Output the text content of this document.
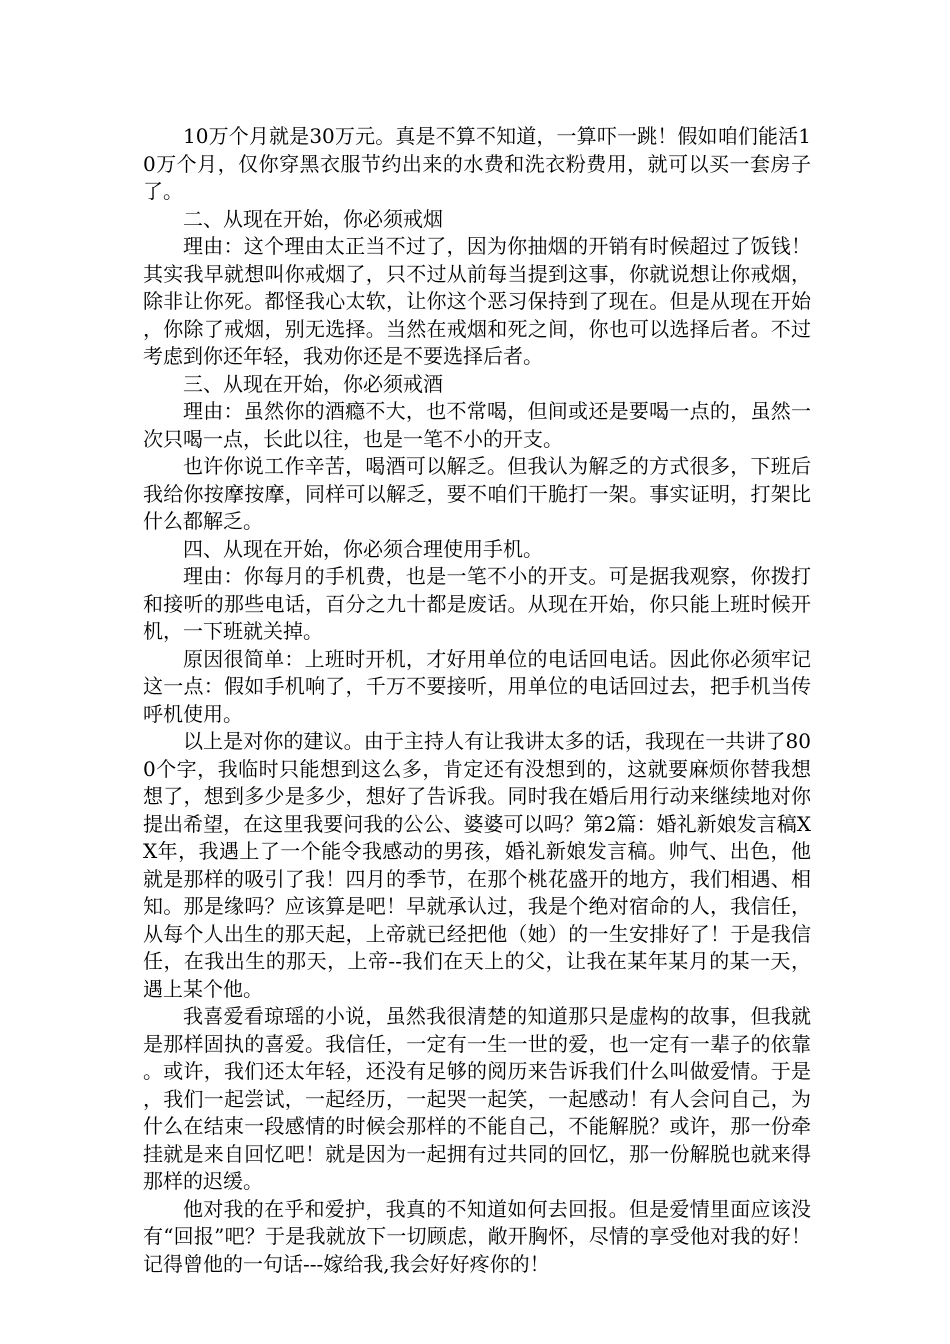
10万个月就是30万元。真是不算不知道，一算吓一跳！假如咱们能活10万个月，仅你穿黑衣服节约出来的水费和洗衣粉费用，就可以买一套房子了。

二、从现在开始，你必须戒烟

理由：这个理由太正当不过了，因为你抽烟的开销有时候超过了饭钱！其实我早就想叫你戒烟了，只不过从前每当提到这事，你就说想让你戒烟，除非让你死。都怪我心太软，让你这个恶习保持到了现在。但是从现在开始，你除了戒烟，别无选择。当然在戒烟和死之间，你也可以选择后者。不过考虑到你还年轻，我劝你还是不要选择后者。

三、从现在开始，你必须戒酒

理由：虽然你的酒瘾不大，也不常喝，但间或还是要喝一点的，虽然一次只喝一点，长此以往，也是一笔不小的开支。

也许你说工作辛苦，喝酒可以解乏。但我认为解乏的方式很多，下班后我给你按摩按摩，同样可以解乏，要不咱们干脆打一架。事实证明，打架比什么都解乏。

四、从现在开始，你必须合理使用手机。

理由：你每月的手机费，也是一笔不小的开支。可是据我观察，你拨打和接听的那些电话，百分之九十都是废话。从现在开始，你只能上班时候开机，一下班就关掉。

原因很简单：上班时开机，才好用单位的电话回电话。因此你必须牢记这一点：假如手机响了，千万不要接听，用单位的电话回过去，把手机当传呼机使用。

以上是对你的建议。由于主持人有让我讲太多的话，我现在一共讲了800个字，我临时只能想到这么多，肯定还有没想到的，这就要麻烦你替我想想了，想到多少是多少，想好了告诉我。同时我在婚后用行动来继续地对你提出希望，在这里我要问我的公公、婆婆可以吗？第2篇：婚礼新娘发言稿XX年，我遇上了一个能令我感动的男孩，婚礼新娘发言稿。帅气、出色，他就是那样的吸引了我！四月的季节，在那个桃花盛开的地方，我们相遇、相知。那是缘吗？应该算是吧！早就承认过，我是个绝对宿命的人，我信任，从每个人出生的那天起，上帝就已经把他（她）的一生安排好了！于是我信任，在我出生的那天，上帝--我们在天上的父，让我在某年某月的某一天，遇上某个他。

我喜爱看琼瑶的小说，虽然我很清楚的知道那只是虚构的故事，但我就是那样固执的喜爱。我信任，一定有一生一世的爱，也一定有一辈子的依靠。或许，我们还太年轻，还没有足够的阅历来告诉我们什么叫做爱情。于是，我们一起尝试，一起经历，一起哭一起笑，一起感动！有人会问自己，为什么在结束一段感情的时候会那样的不能自己，不能解脱？或许，那一份牵挂就是来自回忆吧！就是因为一起拥有过共同的回忆，那一份解脱也就来得那样的迟缓。

他对我的在乎和爱护，我真的不知道如何去回报。但是爱情里面应该没有“回报”吧？于是我就放下一切顾虑，敞开胸怀，尽情的享受他对我的好！记得曾他的一句话---嫁给我,我会好好疼你的！
